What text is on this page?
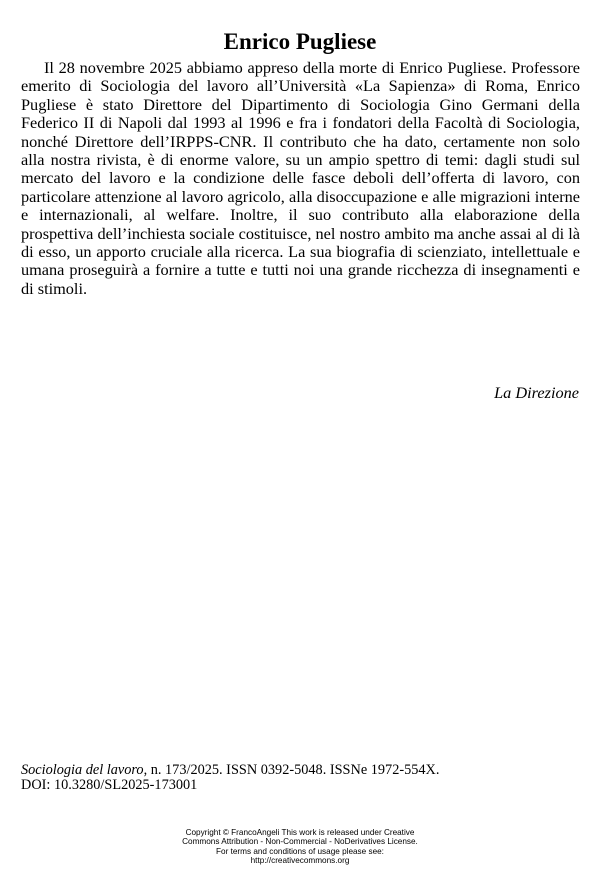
Enrico Pugliese

Il 28 novembre 2025 abbiamo appreso della morte di Enrico Pugliese. Professore emerito di Sociologia del lavoro all’Università «La Sapienza» di Roma, Enrico Pugliese è stato Direttore del Dipartimento di Sociologia Gino Germani della Federico II di Napoli dal 1993 al 1996 e fra i fondatori della Facoltà di Sociologia, nonché Direttore dell’IRPPS-CNR. Il contributo che ha dato, certamente non solo alla nostra rivista, è di enorme valore, su un ampio spettro di temi: dagli studi sul mercato del lavoro e la condizione delle fasce deboli dell’offerta di lavoro, con particolare attenzione al lavoro agricolo, alla disoccupazione e alle migrazioni interne e internazionali, al welfare. Inoltre, il suo contributo alla elaborazione della prospettiva dell’inchiesta sociale costituisce, nel nostro ambito ma anche assai al di là di esso, un apporto cruciale alla ricerca. La sua biografia di scienziato, intellettuale e umana proseguirà a fornire a tutte e tutti noi una grande ricchezza di insegnamenti e di stimoli.

La Direzione
Sociologia del lavoro, n. 173/2025. ISSN 0392-5048. ISSNe 1972-554X.
DOI: 10.3280/SL2025-173001
Copyright © FrancoAngeli This work is released under Creative
Commons Attribution - Non-Commercial - NoDerivatives License.
For terms and conditions of usage please see:
http://creativecommons.org
